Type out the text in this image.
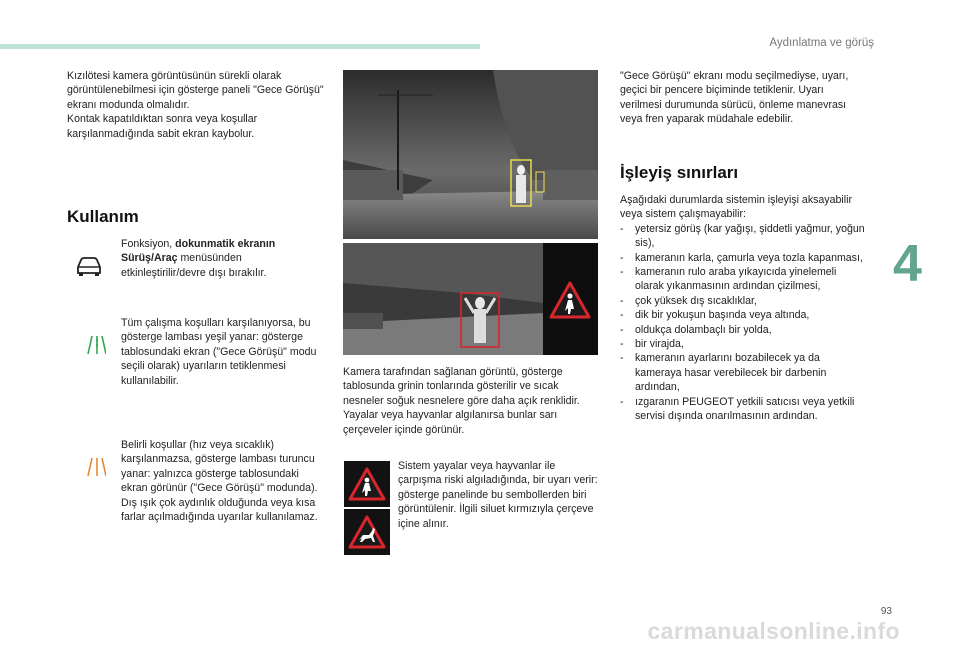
Aydınlatma ve görüş
4

Kızılötesi kamera görüntüsünün sürekli olarak görüntülenebilmesi için gösterge paneli "Gece Görüşü" ekranı modunda olmalıdır.

Kontak kapatıldıktan sonra veya koşullar karşılanmadığında sabit ekran kaybolur.

Kullanım
Fonksiyon, dokunmatik ekranın Sürüş/Araç menüsünden etkinleştirilir/devre dışı bırakılır.
Tüm çalışma koşulları karşılanıyorsa, bu gösterge lambası yeşil yanar: gösterge tablosundaki ekran ("Gece Görüşü" modu seçili olarak) uyarıların tetiklenmesi kullanılabilir.

Belirli koşullar (hız veya sıcaklık) karşılanmazsa, gösterge lambası turuncu yanar: yalnızca gösterge tablosundaki ekran görünür ("Gece Görüşü" modunda).

Dış ışık çok aydınlık olduğunda veya kısa farlar açılmadığında uyarılar kullanılamaz.

Kamera tarafından sağlanan görüntü, gösterge tablosunda grinin tonlarında gösterilir ve sıcak nesneler soğuk nesnelere göre daha açık renklidir.

Yayalar veya hayvanlar algılanırsa bunlar sarı çerçeveler içinde görünür.

Sistem yayalar veya hayvanlar ile çarpışma riski algıladığında, bir uyarı verir: gösterge panelinde bu sembollerden biri görüntülenir. İlgili siluet kırmızıyla çerçeve içine alınır.
"Gece Görüşü" ekranı modu seçilmediyse, uyarı, geçici bir pencere biçiminde tetiklenir. Uyarı verilmesi durumunda sürücü, önleme manevrası veya fren yaparak müdahale edebilir.
İşleyiş sınırları

Aşağıdaki durumlarda sistemin işleyişi aksayabilir veya sistem çalışmayabilir:

- yetersiz görüş (kar yağışı, şiddetli yağmur, yoğun sis),
- kameranın karla, çamurla veya tozla kapanması,
- kameranın rulo araba yıkayıcıda yinelemeli olarak yıkanmasının ardından çizilmesi,
- çok yüksek dış sıcaklıklar,
- dik bir yokuşun başında veya altında,
- oldukça dolambaçlı bir yolda,
- bir virajda,
- kameranın ayarlarını bozabilecek ya da kameraya hasar verebilecek bir darbenin ardından,
- ızgaranın PEUGEOT yetkili satıcısı veya yetkili servisi dışında onarılmasının ardından.
93
carmanualsonline.info
